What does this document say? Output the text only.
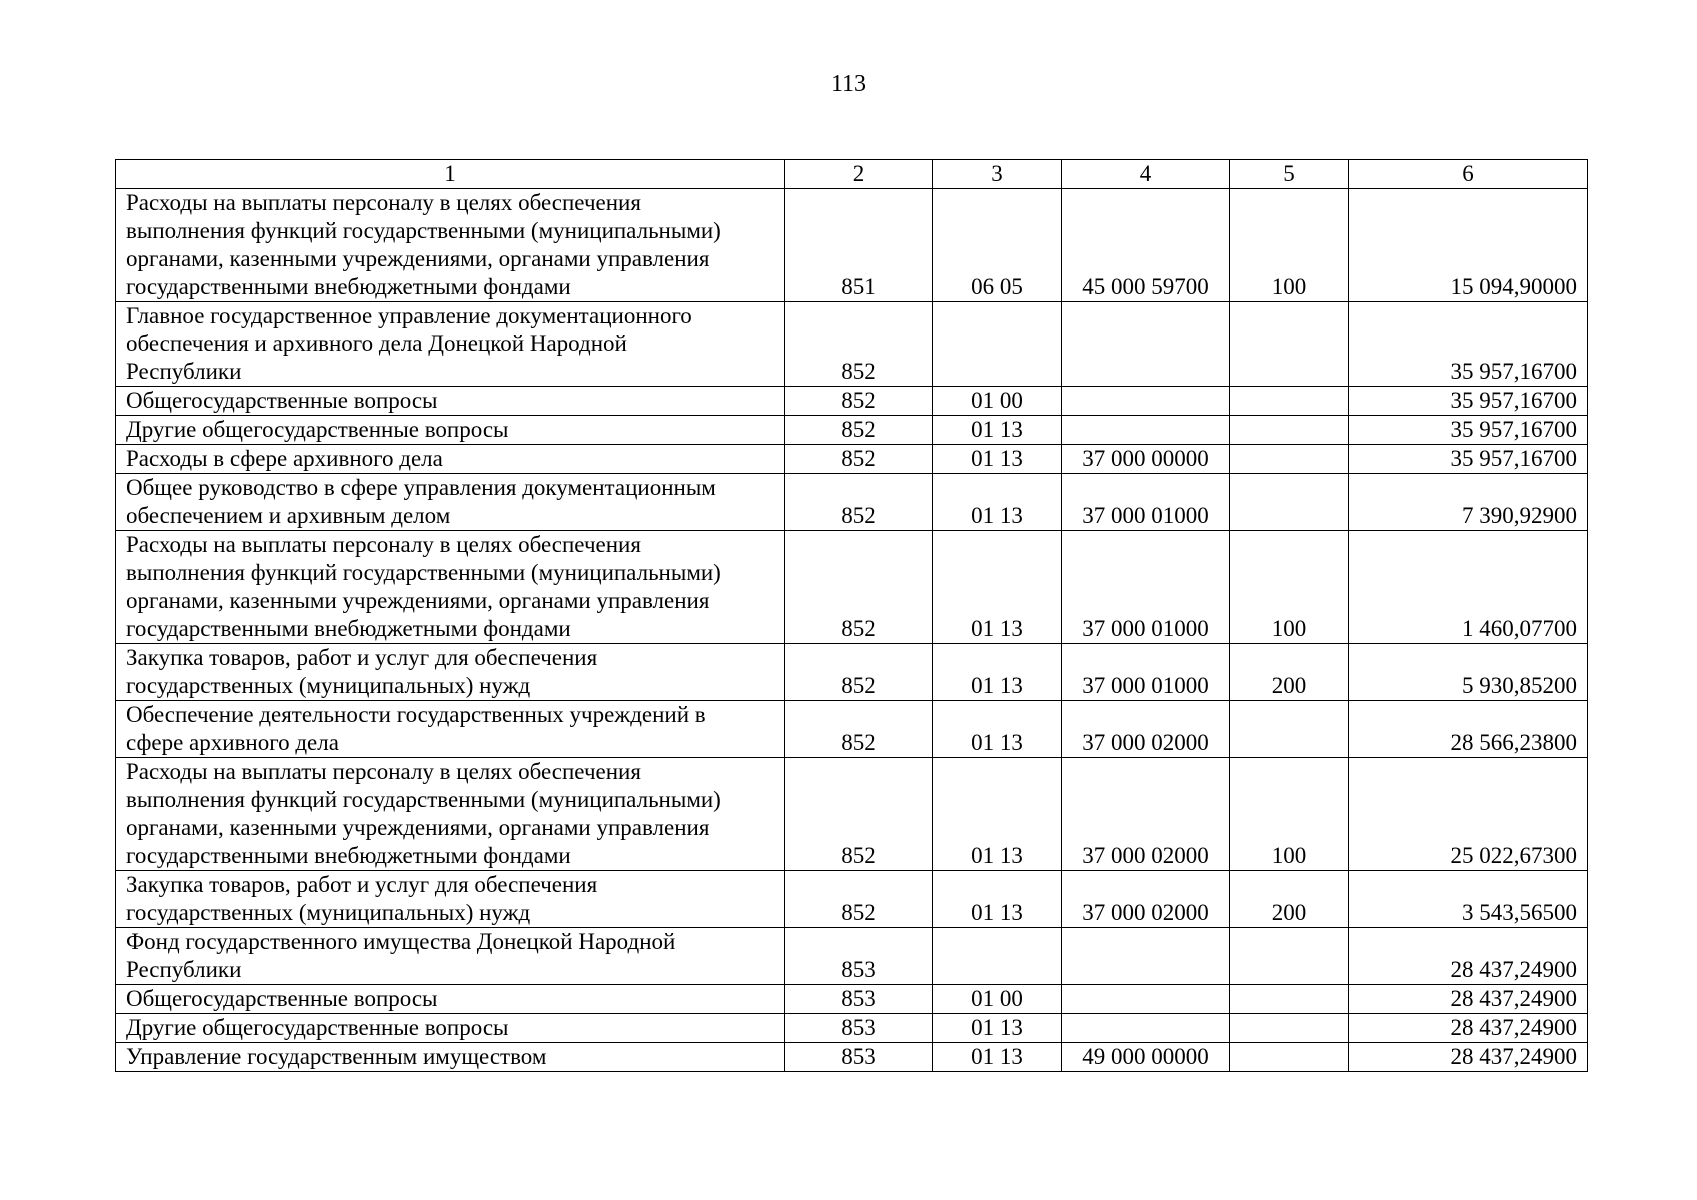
113
1	2	3	4	5	6

Расходы на выплаты персоналу в целях обеспечения
выполнения функций государственными (муниципальными)
органами, казенными учреждениями, органами управления
государственными внебюджетными фондами	851	06 05	45 000 59700	100	15 094,90000

Главное государственное управление документационного
обеспечения и архивного дела Донецкой Народной
Республики	852				35 957,16700

Общегосударственные вопросы	852	01 00			35 957,16700

Другие общегосударственные вопросы	852	01 13			35 957,16700

Расходы в сфере архивного дела	852	01 13	37 000 00000		35 957,16700

Общее руководство в сфере управления документационным
обеспечением и архивным делом	852	01 13	37 000 01000		7 390,92900

Расходы на выплаты персоналу в целях обеспечения
выполнения функций государственными (муниципальными)
органами, казенными учреждениями, органами управления
государственными внебюджетными фондами	852	01 13	37 000 01000	100	1 460,07700

Закупка товаров, работ и услуг для обеспечения
государственных (муниципальных) нужд	852	01 13	37 000 01000	200	5 930,85200

Обеспечение деятельности государственных учреждений в
сфере архивного дела	852	01 13	37 000 02000		28 566,23800

Расходы на выплаты персоналу в целях обеспечения
выполнения функций государственными (муниципальными)
органами, казенными учреждениями, органами управления
государственными внебюджетными фондами	852	01 13	37 000 02000	100	25 022,67300

Закупка товаров, работ и услуг для обеспечения
государственных (муниципальных) нужд	852	01 13	37 000 02000	200	3 543,56500

Фонд государственного имущества Донецкой Народной
Республики	853				28 437,24900

Общегосударственные вопросы	853	01 00			28 437,24900

Другие общегосударственные вопросы	853	01 13			28 437,24900

Управление государственным имуществом	853	01 13	49 000 00000		28 437,24900
